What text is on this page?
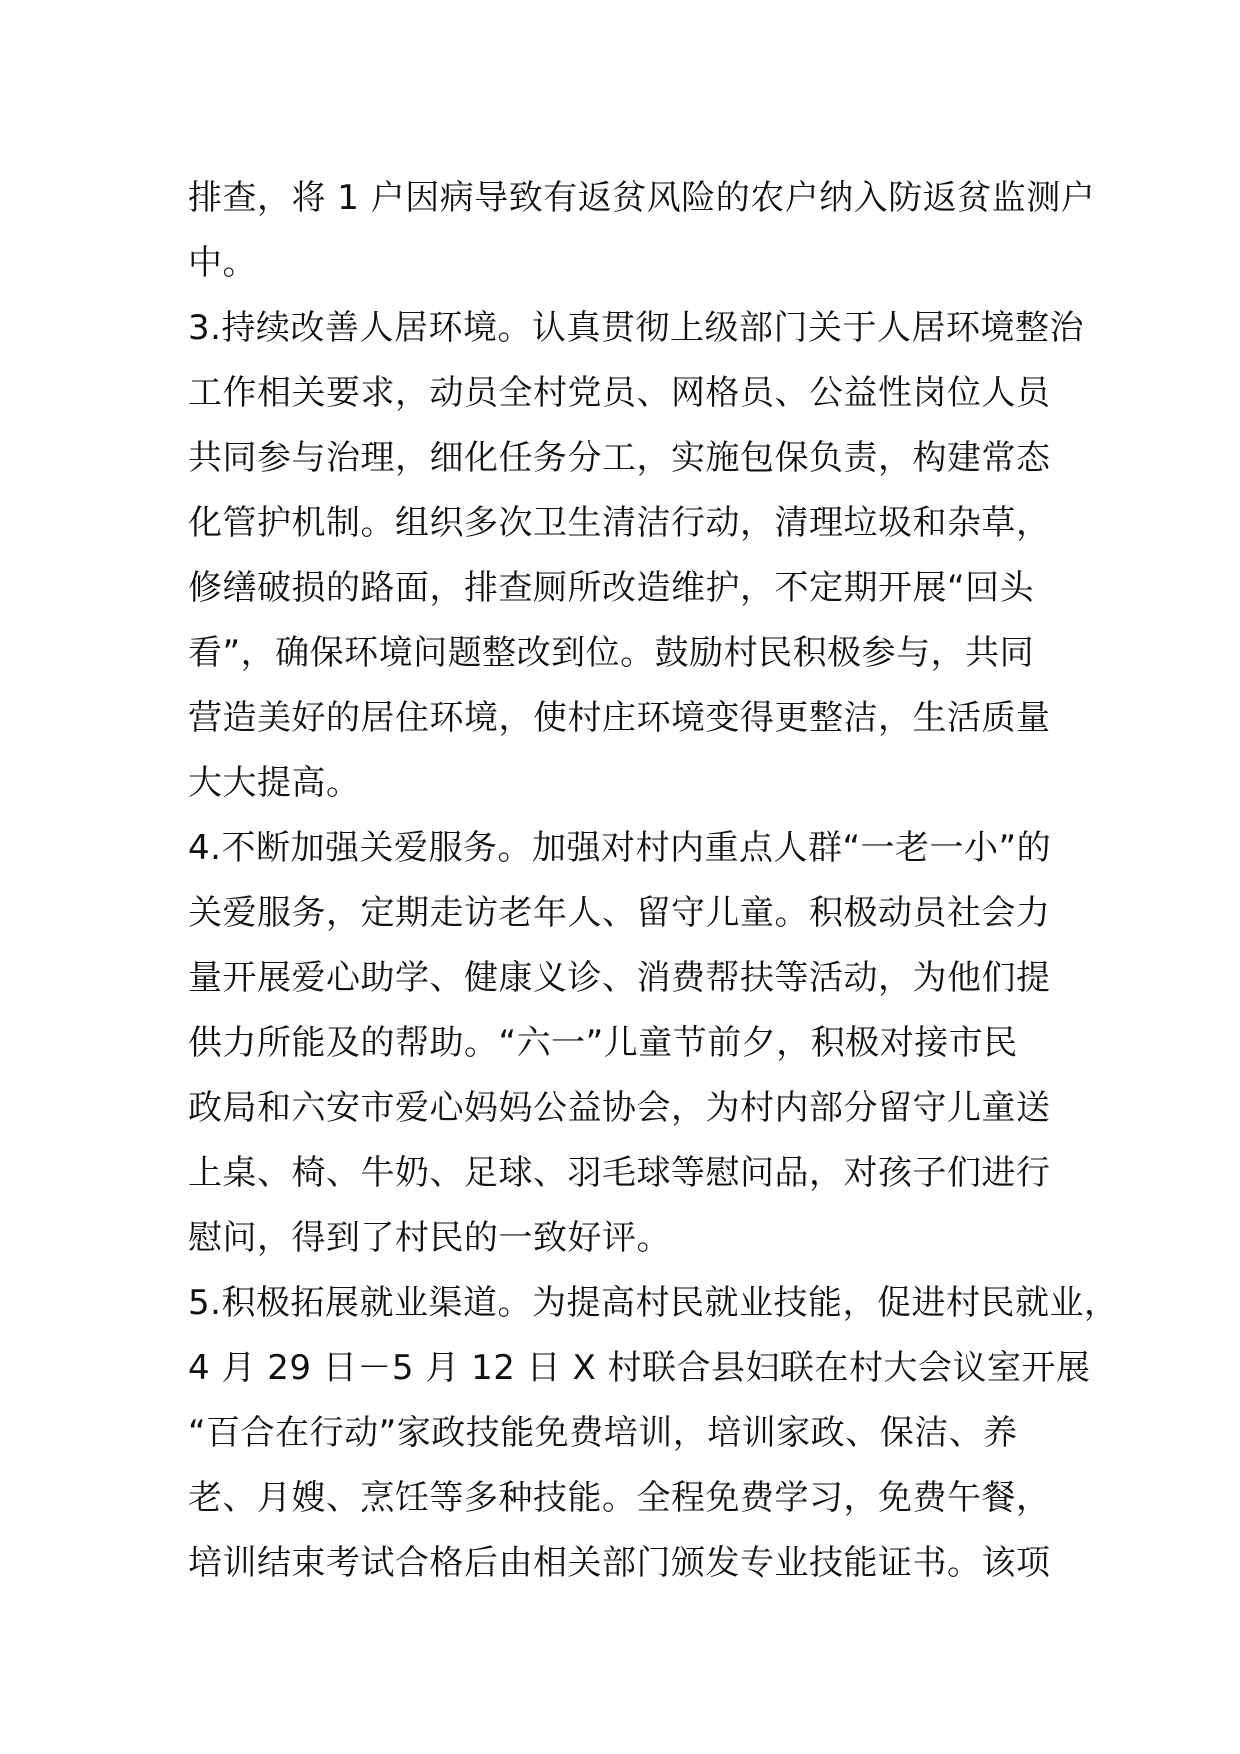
排查，将 1 户因病导致有返贫风险的农户纳入防返贫监测户
中。
3.持续改善人居环境。认真贯彻上级部门关于人居环境整治
工作相关要求，动员全村党员、网格员、公益性岗位人员
共同参与治理，细化任务分工，实施包保负责，构建常态
化管护机制。组织多次卫生清洁行动，清理垃圾和杂草，
修缮破损的路面，排查厕所改造维护，不定期开展“回头
看”，确保环境问题整改到位。鼓励村民积极参与，共同
营造美好的居住环境，使村庄环境变得更整洁，生活质量
大大提高。
4.不断加强关爱服务。加强对村内重点人群“一老一小”的
关爱服务，定期走访老年人、留守儿童。积极动员社会力
量开展爱心助学、健康义诊、消费帮扶等活动，为他们提
供力所能及的帮助。“六一”儿童节前夕，积极对接市民
政局和六安市爱心妈妈公益协会，为村内部分留守儿童送
上桌、椅、牛奶、足球、羽毛球等慰问品，对孩子们进行
慰问，得到了村民的一致好评。
5.积极拓展就业渠道。为提高村民就业技能，促进村民就业，
4 月 29 日－5 月 12 日 X 村联合县妇联在村大会议室开展
“百合在行动”家政技能免费培训，培训家政、保洁、养
老、月嫂、烹饪等多种技能。全程免费学习，免费午餐，
培训结束考试合格后由相关部门颁发专业技能证书。该项
